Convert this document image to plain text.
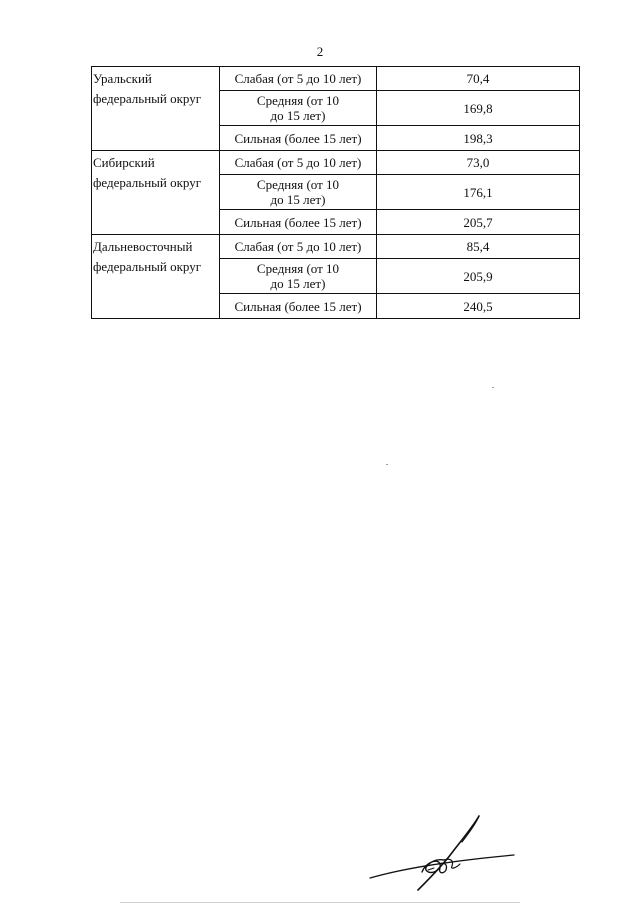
2
Уральский
федеральный округ	Слабая (от 5 до 10 лет)	70,4

	Средняя (от 10
до 15 лет)	169,8

	Сильная (более 15 лет)	198,3

Сибирский
федеральный округ	Слабая (от 5 до 10 лет)	73,0

	Средняя (от 10
до 15 лет)	176,1

	Сильная (более 15 лет)	205,7

Дальневосточный
федеральный округ	Слабая (от 5 до 10 лет)	85,4

	Средняя (от 10
до 15 лет)	205,9

	Сильная (более 15 лет)	240,5
